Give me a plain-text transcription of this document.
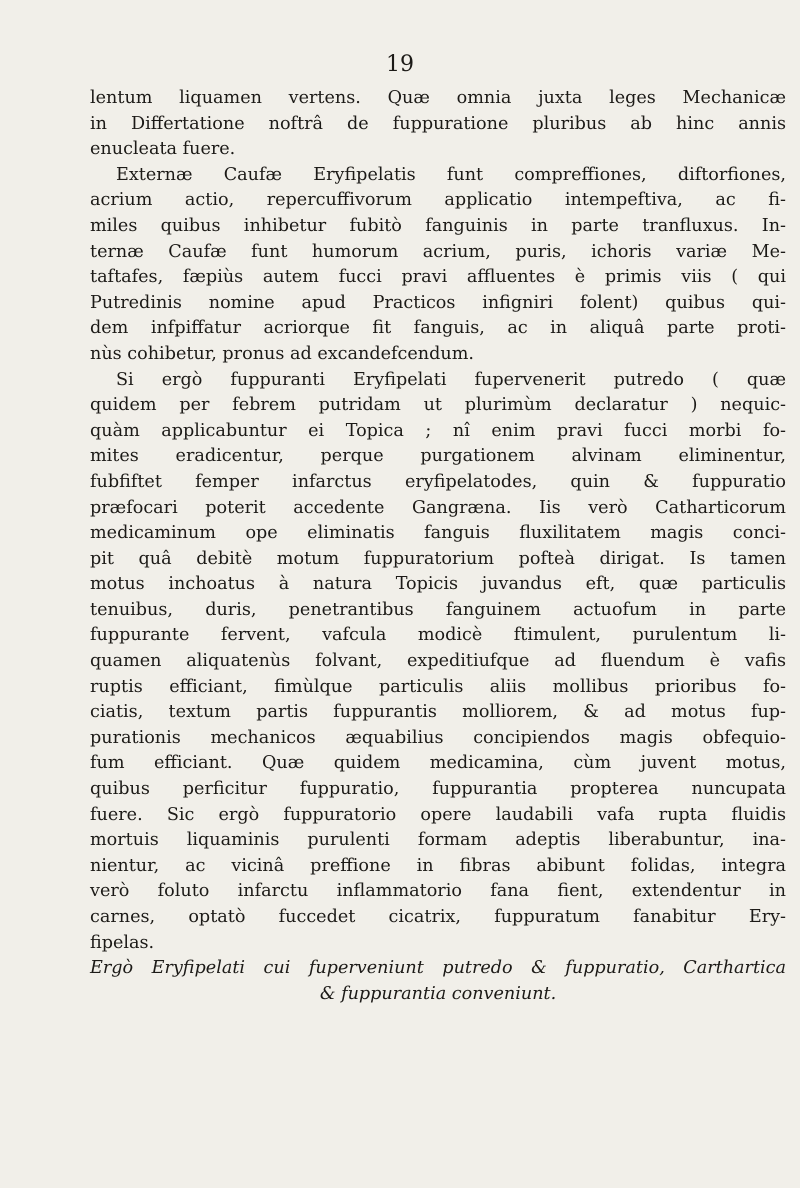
19
lentum liquamen vertens. Quæ omnia juxta leges Mechanicæ
in Differtatione noftrâ de fuppuratione pluribus ab hinc annis
enucleata fuere.
Externæ Caufæ Eryfipelatis funt compreffiones, diftorfiones,
acrium actio, repercuffivorum applicatio intempeftiva, ac fi-
miles quibus inhibetur fubitò fanguinis in parte tranfluxus. In-
ternæ Caufæ funt humorum acrium, puris, ichoris variæ Me-
taftafes, fæpiùs autem fucci pravi affluentes è primis viis ( qui
Putredinis nomine apud Practicos infigniri folent) quibus qui-
dem infpiffatur acriorque fit fanguis, ac in aliquâ parte proti-
nùs cohibetur, pronus ad excandefcendum.
Si ergò fuppuranti Eryfipelati fupervenerit putredo ( quæ
quidem per febrem putridam ut plurimùm declaratur ) nequic-
quàm applicabuntur ei Topica ; nî enim pravi fucci morbi fo-
mites eradicentur, perque purgationem alvinam eliminentur,
fubfiftet femper infarctus eryfipelatodes, quin & fuppuratio
præfocari poterit accedente Gangræna. Iis verò Catharticorum
medicaminum ope eliminatis fanguis fluxilitatem magis conci-
pit quâ debitè motum fuppuratorium pofteà dirigat. Is tamen
motus inchoatus à natura Topicis juvandus eft, quæ particulis
tenuibus, duris, penetrantibus fanguinem actuofum in parte
fuppurante fervent, vafcula modicè ftimulent, purulentum li-
quamen aliquatenùs folvant, expeditiufque ad fluendum è vafis
ruptis efficiant, fimùlque particulis aliis mollibus prioribus fo-
ciatis, textum partis fuppurantis molliorem, & ad motus fup-
purationis mechanicos æquabilius concipiendos magis obfequio-
fum efficiant. Quæ quidem medicamina, cùm juvent motus,
quibus perficitur fuppuratio, fuppurantia propterea nuncupata
fuere. Sic ergò fuppuratorio opere laudabili vafa rupta fluidis
mortuis liquaminis purulenti formam adeptis liberabuntur, ina-
nientur, ac vicinâ preffione in fibras abibunt folidas, integra
verò foluto infarctu inflammatorio fana fient, extendentur in
carnes, optatò fuccedet cicatrix, fuppuratum fanabitur Ery-
fipelas.
Ergò Eryfipelati cui fuperveniunt putredo & fuppuratio, Carthartica
& fuppurantia conveniunt.
